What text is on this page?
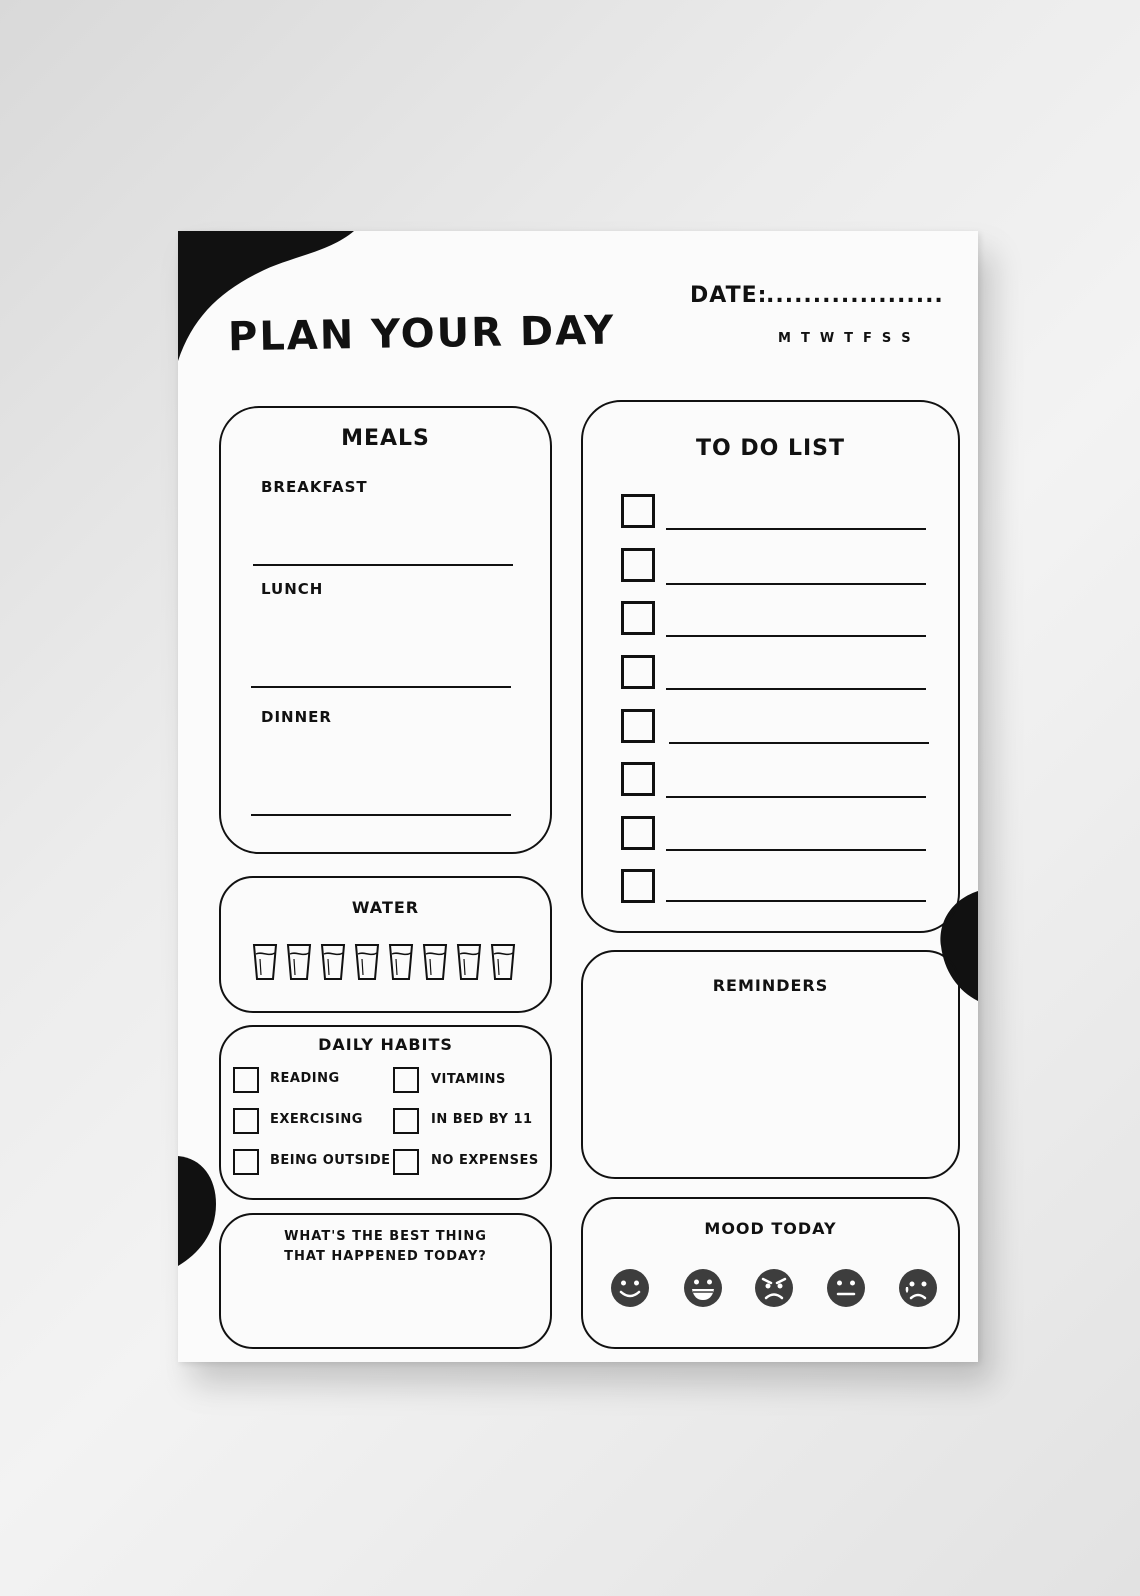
PLAN YOUR DAY
DATE:
...................
M T W T F S S
MEALS
BREAKFAST
LUNCH
DINNER
TO DO LIST
WATER
DAILY HABITS
READING	VITAMINS
EXERCISING	IN BED BY 11
BEING OUTSIDE	NO EXPENSES
REMINDERS
WHAT'S THE BEST THING THAT HAPPENED TODAY?
MOOD TODAY
